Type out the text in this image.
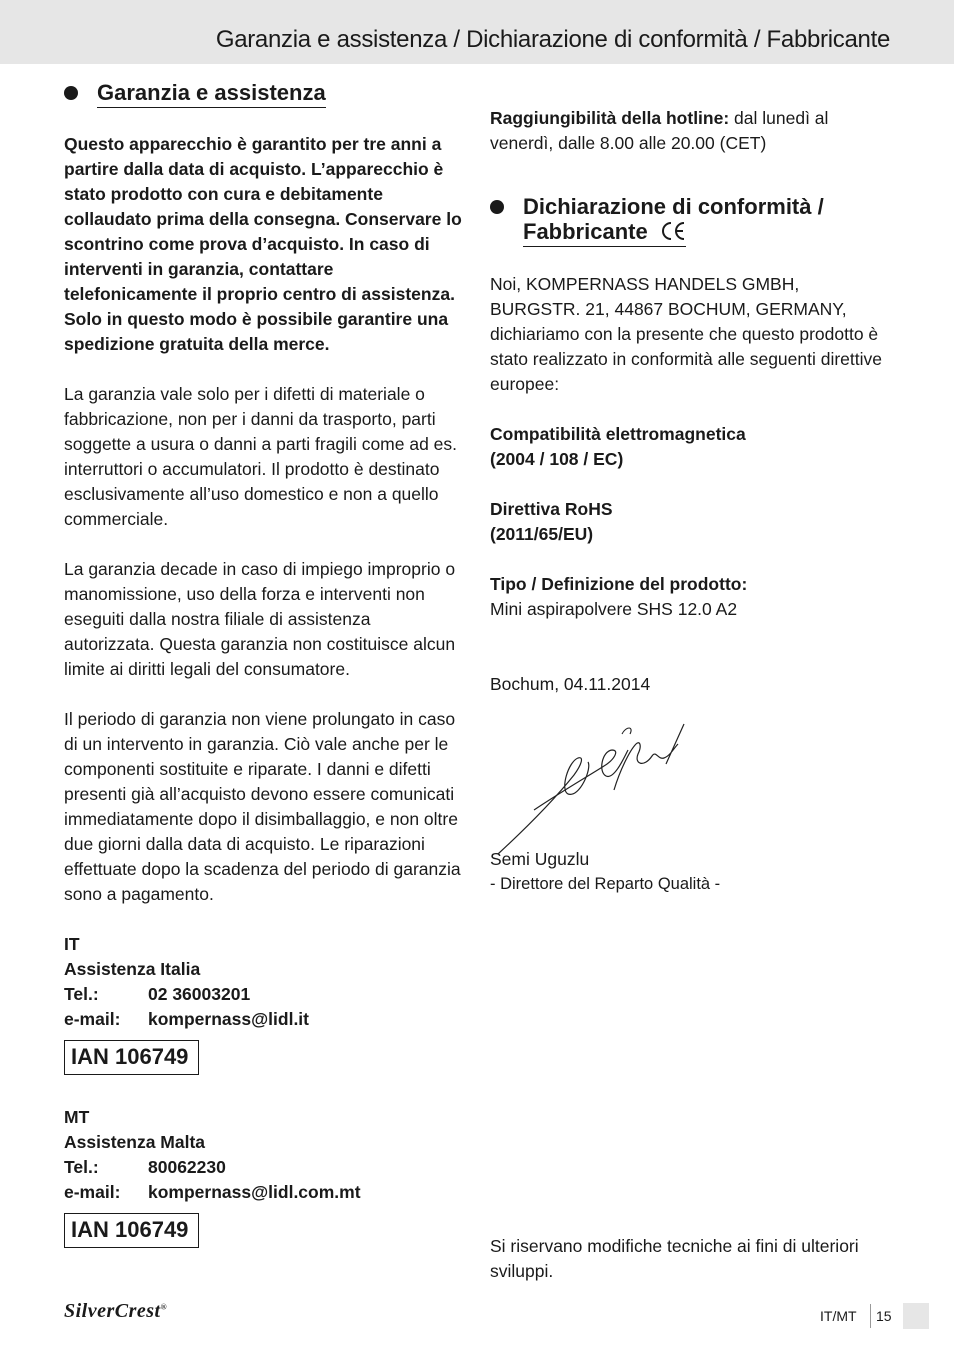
Garanzia e assistenza / Dichiarazione di conformità / Fabbricante
Garanzia e assistenza

Questo apparecchio è garantito per tre anni a partire dalla data di acquisto. L’apparecchio è stato prodotto con cura e debitamente collaudato prima della consegna. Conservare lo scontrino come prova d’acquisto. In caso di interventi in garanzia, contattare telefonicamente il proprio centro di assistenza. Solo in questo modo è possibile garantire una spedizione gratuita della merce.

La garanzia vale solo per i difetti di materiale o fabbricazione, non per i danni da trasporto, parti soggette a usura o danni a parti fragili come ad es. interruttori o accumulatori. Il prodotto è destinato esclusivamente all’uso domestico e non a quello commerciale.

La garanzia decade in caso di impiego improprio o manomissione, uso della forza e interventi non eseguiti dalla nostra filiale di assistenza autorizzata. Questa garanzia non costituisce alcun limite ai diritti legali del consumatore.

Il periodo di garanzia non viene prolungato in caso di un intervento in garanzia. Ciò vale anche per le componenti sostituite e riparate. I danni e difetti presenti già all’acquisto devono essere comunicati immediatamente dopo il disimballaggio, e non oltre due giorni dalla data di acquisto. Le riparazioni effettuate dopo la scadenza del periodo di garanzia sono a pagamento.

IT
Assistenza Italia
Tel.:	02 36003201
e-mail:	kompernass@lidl.it
IAN 106749
MT
Assistenza Malta
Tel.:	80062230
e-mail:	kompernass@lidl.com.mt
IAN 106749

Raggiungibilità della hotline: dal lunedì al venerdì, dalle 8.00 alle 20.00 (CET)

Dichiarazione di conformità /
Fabbricante
Noi, KOMPERNASS HANDELS GMBH,
BURGSTR. 21, 44867 BOCHUM, GERMANY,
dichiariamo con la presente che questo prodotto è stato realizzato in conformità alle seguenti direttive europee:
Compatibilità elettromagnetica
(2004 / 108 / EC)
Direttiva RoHS
(2011/65/EU)
Tipo / Definizione del prodotto:
Mini aspirapolvere SHS 12.0 A2
Bochum, 04.11.2014
Semi Uguzlu
- Direttore del Reparto Qualità -
Si riservano modifiche tecniche ai fini di ulteriori sviluppi.
SilverCrest®
IT/MT 15
